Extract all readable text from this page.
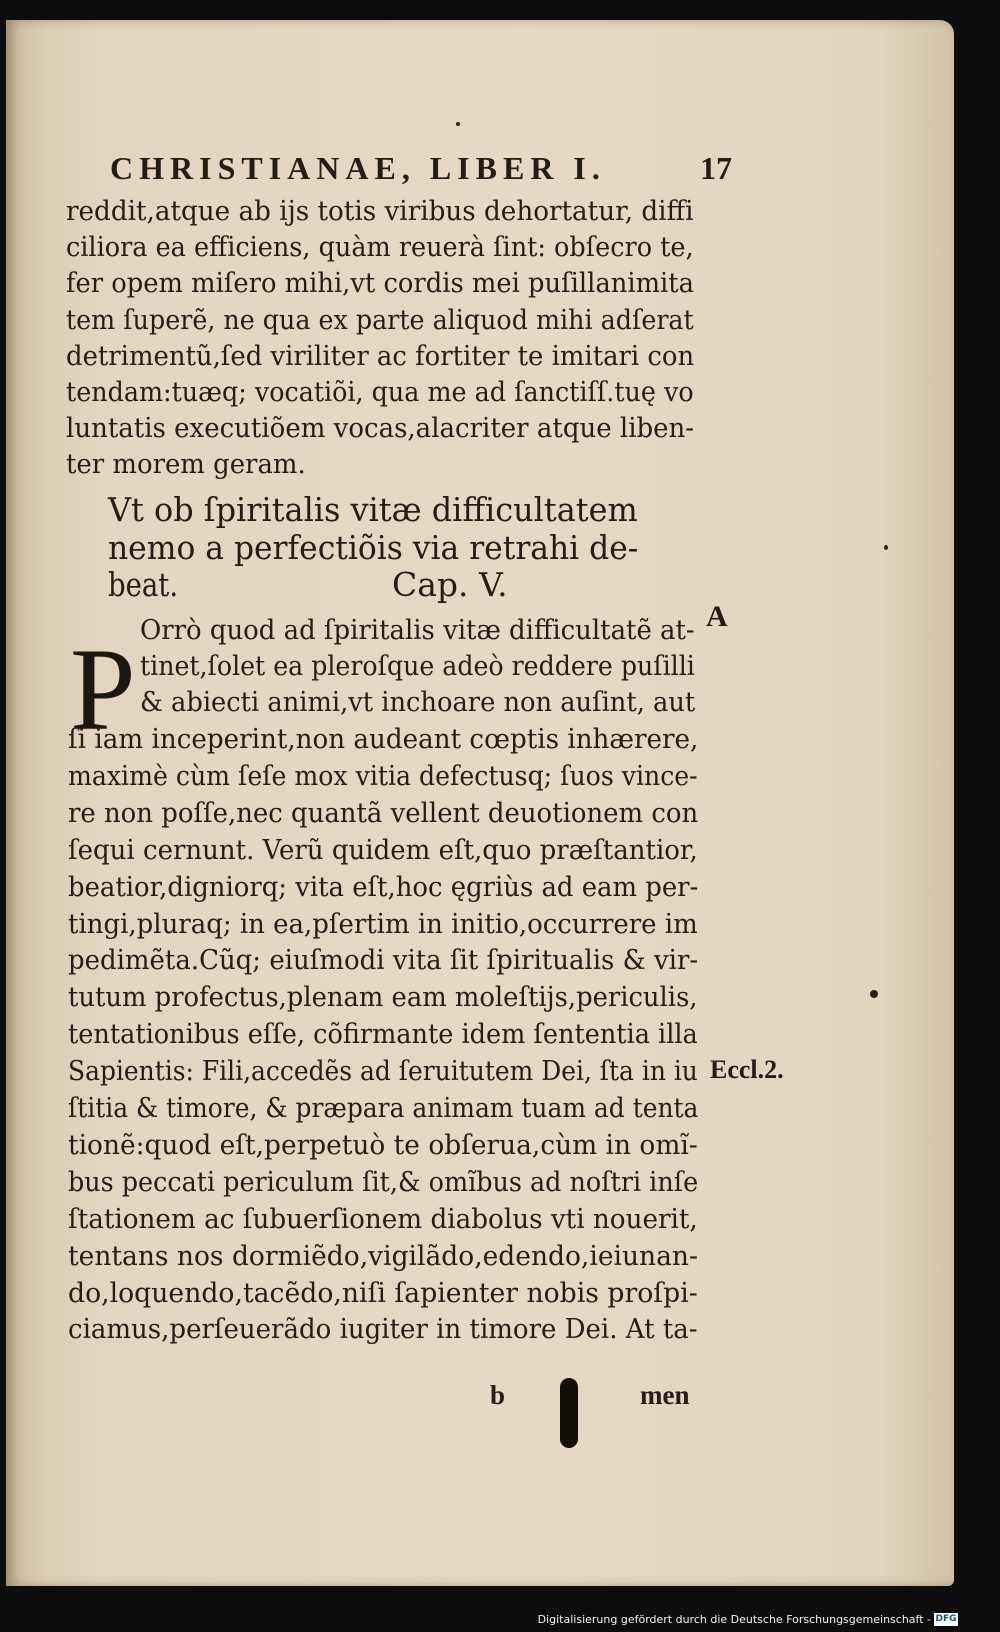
CHRISTIANAE, LIBER I.	17
reddit,atque ab ijs totis viribus dehortatur, diffi
ciliora ea efficiens, quàm reuerà ſint: obſecro te,
fer opem miſero mihi,vt cordis mei puſillanimita
tem ſuperẽ, ne qua ex parte aliquod mihi adſerat
detrimentũ,ſed viriliter ac fortiter te imitari con
tendam:tuæq; vocatiõi, qua me ad ſanctiſſ.tuę vo
luntatis executiõem vocas,alacriter atque liben-
ter morem geram.
Vt ob ſpiritalis vitæ difficultatem
nemo a perfectiõis via retrahi de-
beat.	Cap. V.
P Orrò quod ad ſpiritalis vitæ difficultatẽ at-
tinet,ſolet ea pleroſque adeò reddere puſilli
& abiecti animi,vt inchoare non auſint, aut
ſi iam inceperint,non audeant cœptis inhærere,
maximè cùm ſeſe mox vitia defectusq; ſuos vince-
re non poſſe,nec quantã vellent deuotionem con
ſequi cernunt. Verũ quidem eſt,quo præſtantior,
beatior,digniorq; vita eſt,hoc ęgriùs ad eam per-
tingi,pluraq; in ea,pſertim in initio,occurrere im
pedimẽta.Cũq; eiuſmodi vita ſit ſpiritualis & vir-
tutum profectus,plenam eam moleſtijs,periculis,
tentationibus eſſe, cõfirmante idem ſententia illa
Sapientis: Fili,accedẽs ad ſeruitutem Dei, ſta in iu
ſtitia & timore, & præpara animam tuam ad tenta
tionẽ:quod eſt,perpetuò te obſerua,cùm in omĩ-
bus peccati periculum ſit,& omĩbus ad noſtri inſe
ſtationem ac ſubuerſionem diabolus vti nouerit,
tentans nos dormiẽdo,vigilãdo,edendo,ieiunan-
do,loquendo,tacẽdo,niſi ſapienter nobis proſpi-
ciamus,perſeuerãdo iugiter in timore Dei. At ta-
A
Eccl.2.
b	men
Digitalisierung gefördert durch die Deutsche Forschungsgemeinschaft - DFG
